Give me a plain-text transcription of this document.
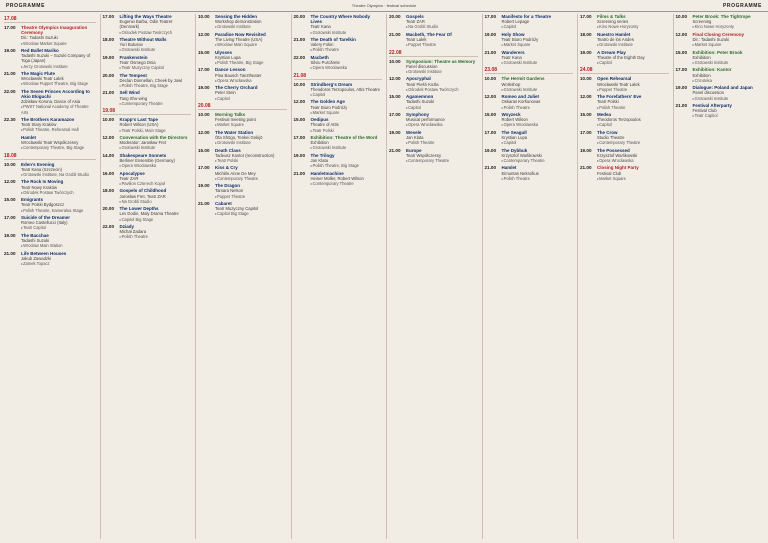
PROGRAMME	Theatre Olympics · festival schedule	PROGRAMME
17.08
17.00	Theatre Olympics Inauguration Ceremony
Dir.: Tadashi Suzuki
▸ Wrocław Market Square
19.00	Red Ballet Mariko
Tadashi Suzuki – Suzuki Company of Toga (Japan)
▸ Jerzy Grotowski Institute
21.00	The Magic Flute
Wrocławski Teatr Lalek
▸ Wrocław Puppet Theatre, Big Stage
22.00	The Seven Princes According to Akio Ekiguchi
Zdzisław Korona, Dance of Asia
▸ PWST National Academy of Theatre Arts
22.30	The Brothers Karamazov
Teatr Stary Kraków
▸ Polish Theatre, Rehearsal Hall
Hamlet
Wrocławski Teatr Współczesny
▸ Contemporary Theatre, Big Stage
18.08
10.00	Eden's Evening
Teatr Kana (Szczecin)
▸ Grotowski Institute, Na Grobli Studio
12.00	The Rock Is Moving
Teatr Nowy Kraków
▸ Ośrodek Postaw Twórczych
15.00	Emigrants
Teatr Polski Bydgoszcz
▸ Polish Theatre, Kameralna Stage
17.00	Suicide of the Dreamer
Romeo Castellucci (Italy)
▸ Teatr Capitol
19.00	The Bacchae
Tadashi Suzuki
▸ Wrocław Main Station
21.00	Life Between Houses
Jakub Zawadzki
▸ Zamek Topacz
17.00	Lifting the Ways Theatre
Eugenio Barba, Odin Teatret (Denmark)
▸ Ośrodek Postaw Twórczych
18.00	Theatre Without Walls
Yuri Butusov
▸ Grotowski Institute
19.00	Frankenstein
Teatr Ósmego Dnia
▸ Teatr Muzyczny Capitol
20.00	The Tempest
Declan Donnellan, Cheek by Jowl
▸ Polish Theatre, Big Stage
21.00	Sell Wind
Tang Shu-wing
▸ Contemporary Theatre
19.08
10.00	Krapp's Last Tape
Robert Wilson (USA)
▸ Teatr Polski, Main Stage
12.00	Conversation with the Directors
Moderator: Jarosław Fret
▸ Grotowski Institute
14.00	Shakespeare Sonnets
Berliner Ensemble (Germany)
▸ Opera Wrocławska
16.00	Apocalypse
Teatr ZAR
▸ Pavilion Czterech Kopuł
18.00	Gospels of Childhood
Jarosław Fret, Teatr ZAR
▸ Na Grobli Studio
20.00	The Lower Depths
Lev Dodin, Maly Drama Theatre
▸ Capitol Big Stage
22.00	Dziady
Michał Zadara
▸ Polish Theatre
10.00	Sensing the Hidden
Workshop demonstration
▸ Grotowski Institute
12.00	Paradise Now Revisited
The Living Theatre (USA)
▸ Wrocław Main Square
15.00	Ulysses
Krystian Lupa
▸ Polish Theatre, Big Stage
17.00	Dance Lesson
Pina Bausch Tanztheater
▸ Opera Wrocławska
19.00	The Cherry Orchard
Peter Stein
▸ Capitol
20.08
10.00	Morning Talks
Festival meeting point
▸ Market Square
12.00	The Water Station
Ōta Shōgo, Tenkei Gekijō
▸ Grotowski Institute
15.00	Death Class
Tadeusz Kantor (reconstruction)
▸ Teatr Polski
17.00	Kiss & Cry
Michèle Anne De Mey
▸ Contemporary Theatre
19.00	The Dragon
Tamara Nelson
▸ Puppet Theatre
21.00	Cabaret
Teatr Muzyczny Capitol
▸ Capitol Big Stage
20.00	The Country Where Nobody Lives
Teatr Kana
▸ Grotowski Institute
21.00	The Death of Tarelkin
Valery Fokin
▸ Polish Theatre
22.00	Macbeth
Silviu Purcărete
▸ Opera Wrocławska
21.08
10.00	Strindberg's Dream
Theodoros Terzopoulos, Attis Theatre
▸ Capitol
12.00	The Golden Age
Teatr Biuro Podróży
▸ Market Square
15.00	Oedipus
Theatre of Attis
▸ Teatr Polski
17.00	Exhibition: Theatre of the Word
Exhibition
▸ Grotowski Institute
19.00	The Trilogy
Jan Klata
▸ Polish Theatre, Big Stage
21.00	Hamletmachine
Heiner Müller, Robert Wilson
▸ Contemporary Theatre
20.00	Gospels
Teatr ZAR
▸ Na Grobli Studio
21.00	Macbeth, The Fear Of
Teatr Lalek
▸ Puppet Theatre
22.08
10.00	Symposium: Theatre as Memory
Panel discussion
▸ Grotowski Institute
12.00	Apocryphal
Teatr Pieśń Kozła
▸ Ośrodek Postaw Twórczych
15.00	Agamemnon
Tadashi Suzuki
▸ Capitol
17.00	Symphony
Musical performance
▸ Opera Wrocławska
19.00	Wesele
Jan Klata
▸ Polish Theatre
21.00	Europe
Teatr Współczesny
▸ Contemporary Theatre
17.00	Manifesto for a Theatre
Robert Lepage
▸ Capitol
19.00	Holy Show
Teatr Biuro Podróży
▸ Market Square
21.00	Wanderers
Teatr Kana
▸ Grotowski Institute
23.08
10.00	The Hermit Gardens
Workshop
▸ Grotowski Institute
12.00	Romeo and Juliet
Oskaras Koršunovas
▸ Polish Theatre
15.00	Woyzeck
Robert Wilson
▸ Opera Wrocławska
17.00	The Seagull
Krystian Lupa
▸ Capitol
19.00	The Dybbuk
Krzysztof Warlikowski
▸ Contemporary Theatre
21.00	Hamlet
Eimuntas Nekrošius
▸ Polish Theatre
17.00	Films & Talks
Screening series
▸ Kino Nowe Horyzonty
18.00	Nuestro Hamlet
Teatro de los Andes
▸ Grotowski Institute
19.00	A Dream Play
Theatre of the Eighth Day
▸ Capitol
24.08
10.00	Open Rehearsal
Wrocławski Teatr Lalek
▸ Puppet Theatre
12.00	The Forefathers' Eve
Teatr Polski
▸ Polish Theatre
15.00	Medea
Theodoros Terzopoulos
▸ Capitol
17.00	The Crow
Studio Theatre
▸ Contemporary Theatre
19.00	The Possessed
Krzysztof Warlikowski
▸ Opera Wrocławska
21.00	Closing Night Party
Festival Club
▸ Market Square
10.00	Peter Brook: The Tightrope
Screening
▸ Kino Nowe Horyzonty
12.00	Final Closing Ceremony
Dir.: Tadashi Suzuki
▸ Market Square
15.00	Exhibition: Peter Brook
Exhibition
▸ Grotowski Institute
17.00	Exhibition: Kantor
Exhibition
▸ Cricoteka
19.00	Dialogue: Poland and Japan
Panel discussion
▸ Grotowski Institute
21.00	Festival Afterparty
Festival Club
▸ Teatr Capitol
